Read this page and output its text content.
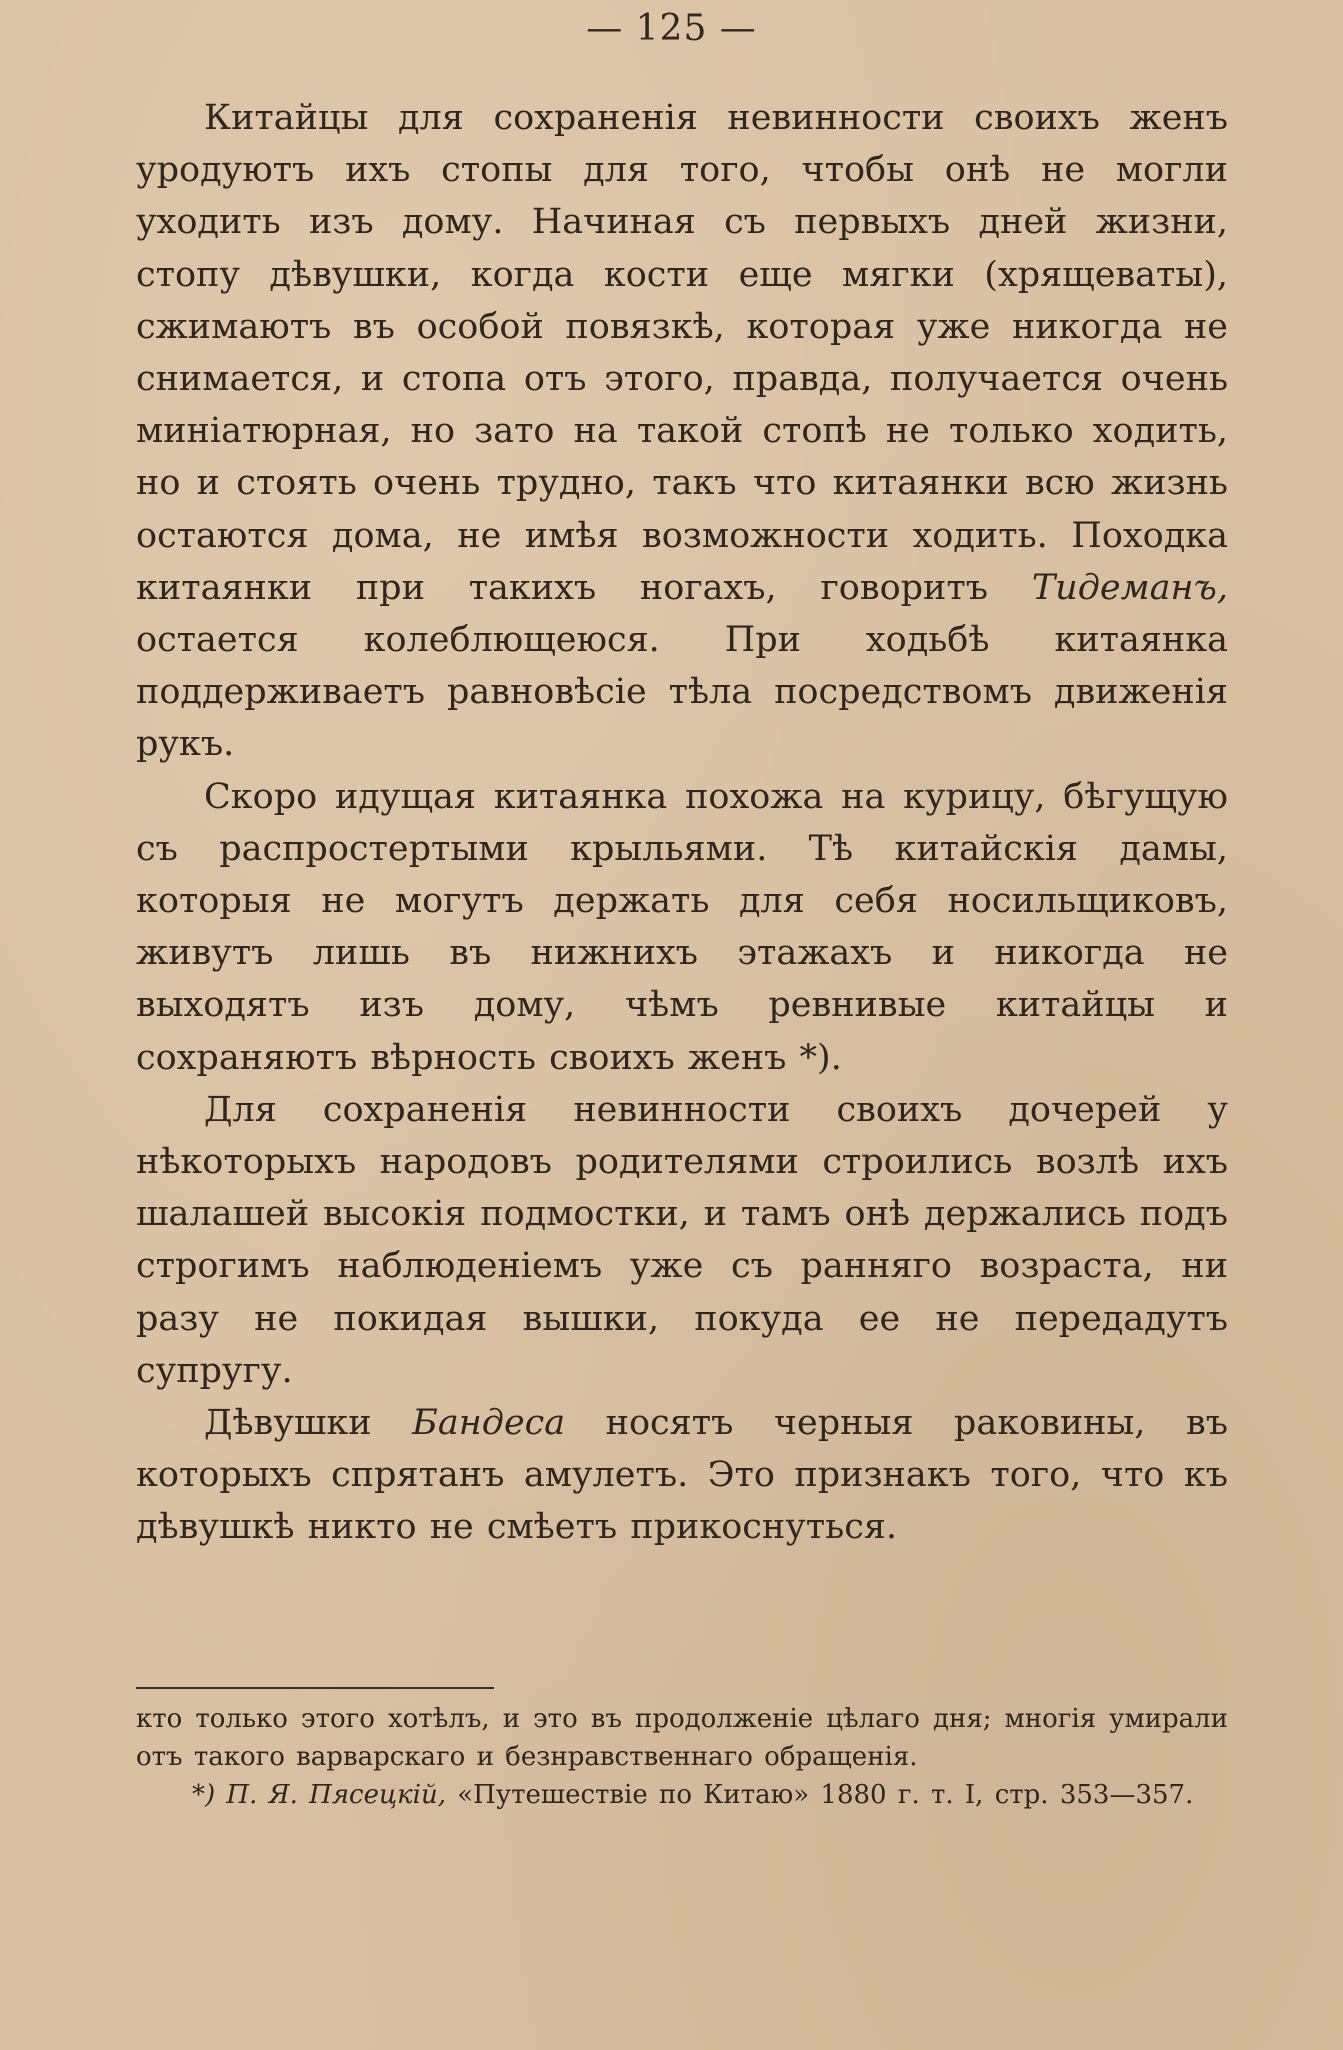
— 125 —

Китайцы для сохраненія невинности своихъ женъ уродуютъ ихъ стопы для того, чтобы онѣ не могли уходить изъ дому. Начиная съ первыхъ дней жизни, стопу дѣвушки, когда кости еще мягки (хрящеваты), сжимаютъ въ особой повязкѣ, которая уже никогда не снимается, и стопа отъ этого, правда, получается очень миніатюрная, но зато на такой стопѣ не только ходить, но и стоять очень трудно, такъ что китаянки всю жизнь остаются дома, не имѣя возможности ходить. Походка китаянки при такихъ ногахъ, говоритъ Тидеманъ, остается колеблющеюся. При ходьбѣ китаянка поддерживаетъ равновѣсіе тѣла посредствомъ движенія рукъ.

Скоро идущая китаянка похожа на курицу, бѣгущую съ распростертыми крыльями. Тѣ китайскія дамы, которыя не могутъ держать для себя носильщиковъ, живутъ лишь въ нижнихъ этажахъ и никогда не выходятъ изъ дому, чѣмъ ревнивые китайцы и сохраняютъ вѣрность своихъ женъ *).

Для сохраненія невинности своихъ дочерей у нѣкоторыхъ народовъ родителями строились возлѣ ихъ шалашей высокія подмостки, и тамъ онѣ держались подъ строгимъ наблюденіемъ уже съ ранняго возраста, ни разу не покидая вышки, покуда ее не передадутъ супругу.

Дѣвушки Бандеса носятъ черныя раковины, въ которыхъ спрятанъ амулетъ. Это признакъ того, что къ дѣвушкѣ никто не смѣетъ прикоснуться.

кто только этого хотѣлъ, и это въ продолженіе цѣлаго дня; многія умирали отъ такого варварскаго и безнравственнаго обращенія.

*) П. Я. Пясецкій, «Путешествіе по Китаю» 1880 г. т. I, стр. 353—357.
